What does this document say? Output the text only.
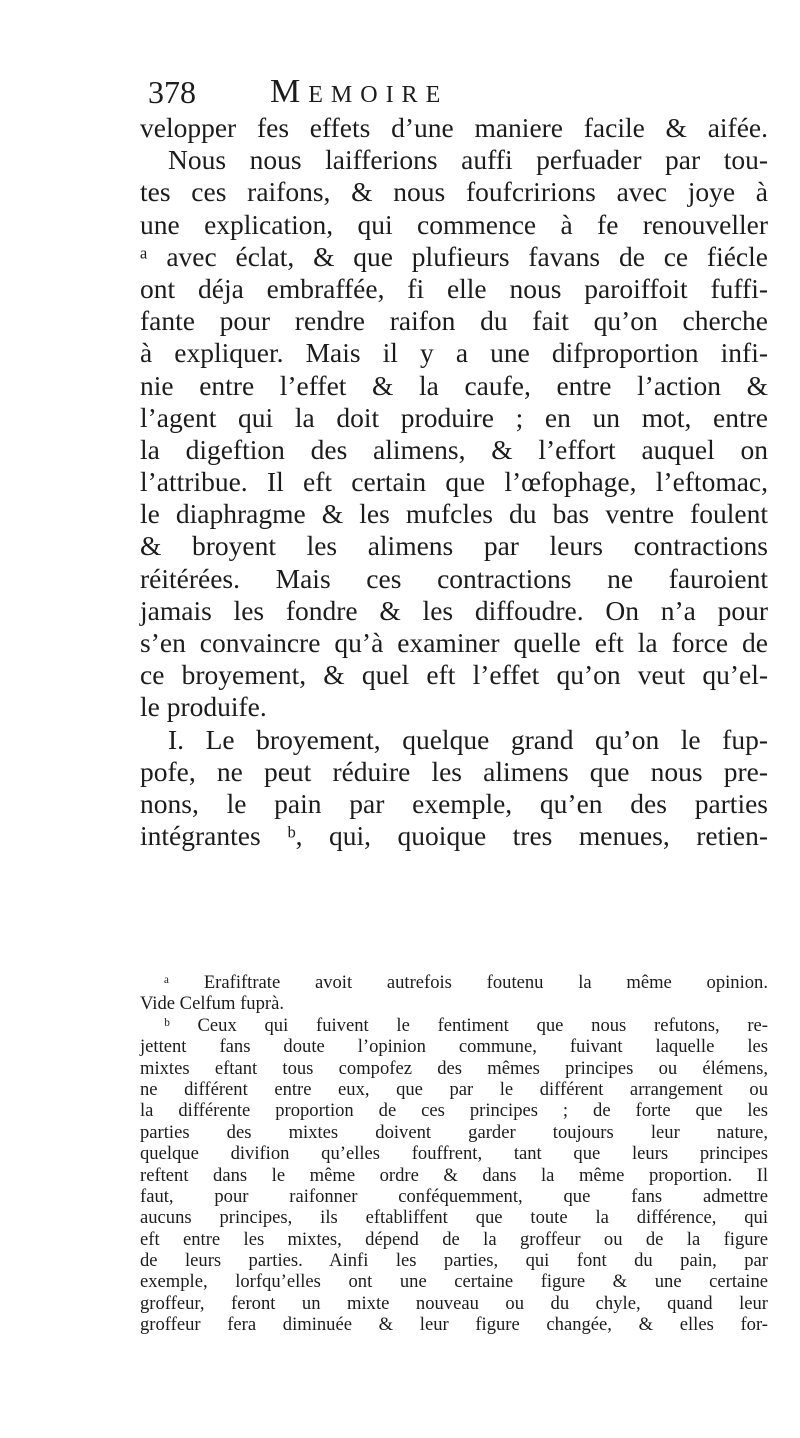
378 Memoire
velopper fes effets d’une maniere facile & aifée.
Nous nous laifferions auffi perfuader par tou-
tes ces raifons, & nous foufcririons avec joye à
une explication, qui commence à fe renouveller
ᵃ avec éclat, & que plufieurs favans de ce fiécle
ont déja embraffée, fi elle nous paroiffoit fuffi-
fante pour rendre raifon du fait qu’on cherche
à expliquer. Mais il y a une difproportion infi-
nie entre l’effet & la caufe, entre l’action &
l’agent qui la doit produire ; en un mot, entre
la digeftion des alimens, & l’effort auquel on
l’attribue. Il eft certain que l’œfophage, l’eftomac,
le diaphragme & les mufcles du bas ventre foulent
& broyent les alimens par leurs contractions
réitérées. Mais ces contractions ne fauroient
jamais les fondre & les diffoudre. On n’a pour
s’en convaincre qu’à examiner quelle eft la force de
ce broyement, & quel eft l’effet qu’on veut qu’el-
le produife.
I. Le broyement, quelque grand qu’on le fup-
pofe, ne peut réduire les alimens que nous pre-
nons, le pain par exemple, qu’en des parties
intégrantes ᵇ, qui, quoique tres menues, retien-
ᵃ Erafiftrate avoit autrefois foutenu la même opinion.
Vide Celfum fuprà.
ᵇ Ceux qui fuivent le fentiment que nous refutons, re-
jettent fans doute l’opinion commune, fuivant laquelle les
mixtes eftant tous compofez des mêmes principes ou élémens,
ne différent entre eux, que par le différent arrangement ou
la différente proportion de ces principes ; de forte que les
parties des mixtes doivent garder toujours leur nature,
quelque divifion qu’elles fouffrent, tant que leurs principes
reftent dans le même ordre & dans la même proportion. Il
faut, pour raifonner conféquemment, que fans admettre
aucuns principes, ils eftabliffent que toute la différence, qui
eft entre les mixtes, dépend de la groffeur ou de la figure
de leurs parties. Ainfi les parties, qui font du pain, par
exemple, lorfqu’elles ont une certaine figure & une certaine
groffeur, feront un mixte nouveau ou du chyle, quand leur
groffeur fera diminuée & leur figure changée, & elles for-
